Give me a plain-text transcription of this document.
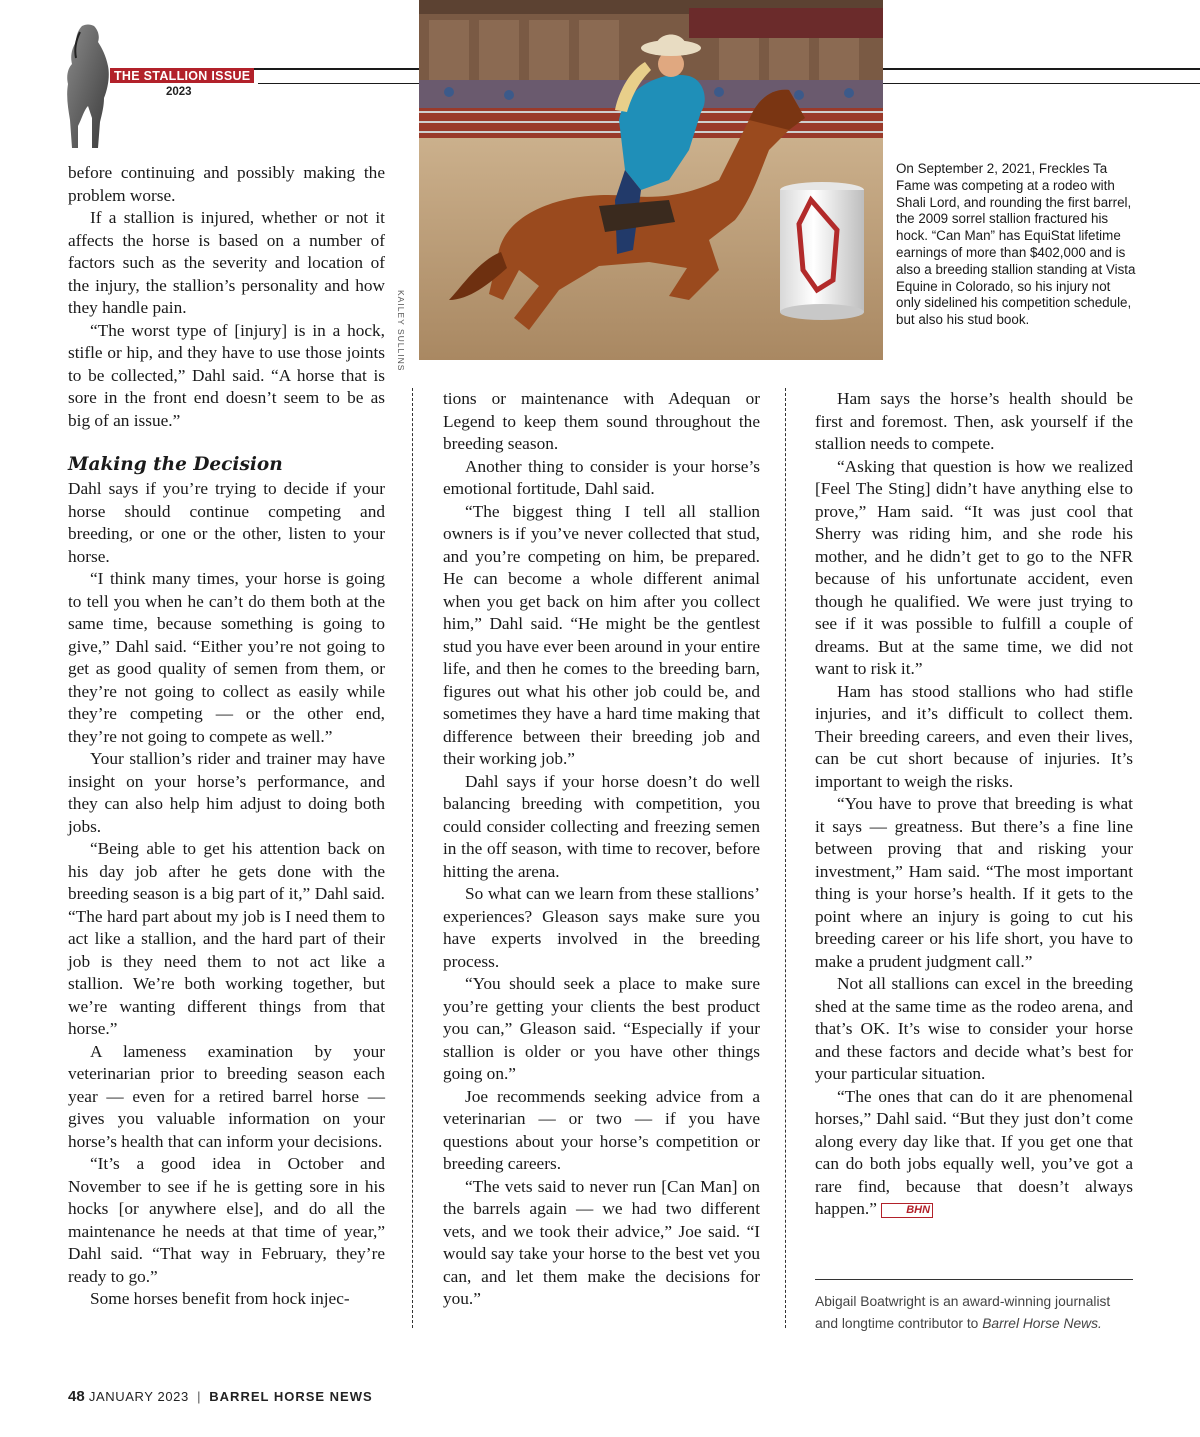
THE STALLION ISSUE
2023
KAILEY SULLINS
On September 2, 2021, Freckles Ta Fame was competing at a rodeo with Shali Lord, and rounding the first barrel, the 2009 sorrel stallion fractured his hock. “Can Man” has EquiStat lifetime earnings of more than $402,000 and is also a breeding stallion standing at Vista Equine in Colorado, so his injury not only sidelined his competition schedule, but also his stud book.

before continuing and possibly making the problem worse.

If a stallion is injured, whether or not it affects the horse is based on a number of factors such as the severity and location of the injury, the stallion’s personality and how they handle pain.

“The worst type of [injury] is in a hock, stifle or hip, and they have to use those joints to be collected,” Dahl said. “A horse that is sore in the front end doesn’t seem to be as big of an issue.”

Making the Decision

Dahl says if you’re trying to decide if your horse should continue competing and breeding, or one or the other, listen to your horse.

“I think many times, your horse is going to tell you when he can’t do them both at the same time, because something is going to give,” Dahl said. “Either you’re not going to get as good quality of semen from them, or they’re not going to collect as easily while they’re competing — or the other end, they’re not going to compete as well.”

Your stallion’s rider and trainer may have insight on your horse’s performance, and they can also help him adjust to doing both jobs.

“Being able to get his attention back on his day job after he gets done with the breeding season is a big part of it,” Dahl said. “The hard part about my job is I need them to act like a stallion, and the hard part of their job is they need them to not act like a stallion. We’re both working together, but we’re wanting different things from that horse.”

A lameness examination by your veterinarian prior to breeding season each year — even for a retired barrel horse — gives you valuable information on your horse’s health that can inform your decisions.

“It’s a good idea in October and November to see if he is getting sore in his hocks [or anywhere else], and do all the maintenance he needs at that time of year,” Dahl said. “That way in February, they’re ready to go.”

Some horses benefit from hock injec-

tions or maintenance with Adequan or Legend to keep them sound throughout the breeding season.

Another thing to consider is your horse’s emotional fortitude, Dahl said.

“The biggest thing I tell all stallion owners is if you’ve never collected that stud, and you’re competing on him, be prepared. He can become a whole different animal when you get back on him after you collect him,” Dahl said. “He might be the gentlest stud you have ever been around in your entire life, and then he comes to the breeding barn, figures out what his other job could be, and sometimes they have a hard time making that difference between their breeding job and their working job.”

Dahl says if your horse doesn’t do well balancing breeding with competition, you could consider collecting and freezing semen in the off season, with time to recover, before hitting the arena.

So what can we learn from these stallions’ experiences? Gleason says make sure you have experts involved in the breeding process.

“You should seek a place to make sure you’re getting your clients the best product you can,” Gleason said. “Especially if your stallion is older or you have other things going on.”

Joe recommends seeking advice from a veterinarian — or two — if you have questions about your horse’s competition or breeding careers.

“The vets said to never run [Can Man] on the barrels again — we had two different vets, and we took their advice,” Joe said. “I would say take your horse to the best vet you can, and let them make the decisions for you.”

Ham says the horse’s health should be first and foremost. Then, ask yourself if the stallion needs to compete.

“Asking that question is how we realized [Feel The Sting] didn’t have anything else to prove,” Ham said. “It was just cool that Sherry was riding him, and she rode his mother, and he didn’t get to go to the NFR because of his unfortunate accident, even though he qualified. We were just trying to see if it was possible to fulfill a couple of dreams. But at the same time, we did not want to risk it.”

Ham has stood stallions who had stifle injuries, and it’s difficult to collect them. Their breeding careers, and even their lives, can be cut short because of injuries. It’s important to weigh the risks.

“You have to prove that breeding is what it says — greatness. But there’s a fine line between proving that and risking your investment,” Ham said. “The most important thing is your horse’s health. If it gets to the point where an injury is going to cut his breeding career or his life short, you have to make a prudent judgment call.”

Not all stallions can excel in the breeding shed at the same time as the rodeo arena, and that’s OK. It’s wise to consider your horse and these factors and decide what’s best for your particular situation.

“The ones that can do it are phenomenal horses,” Dahl said. “But they just don’t come along every day like that. If you get one that can do both jobs equally well, you’ve got a rare find, because that doesn’t always happen.”	BHN

Abigail Boatwright is an award-winning journalist and longtime contributor to Barrel Horse News.
48 JANUARY 2023 | BARREL HORSE NEWS
